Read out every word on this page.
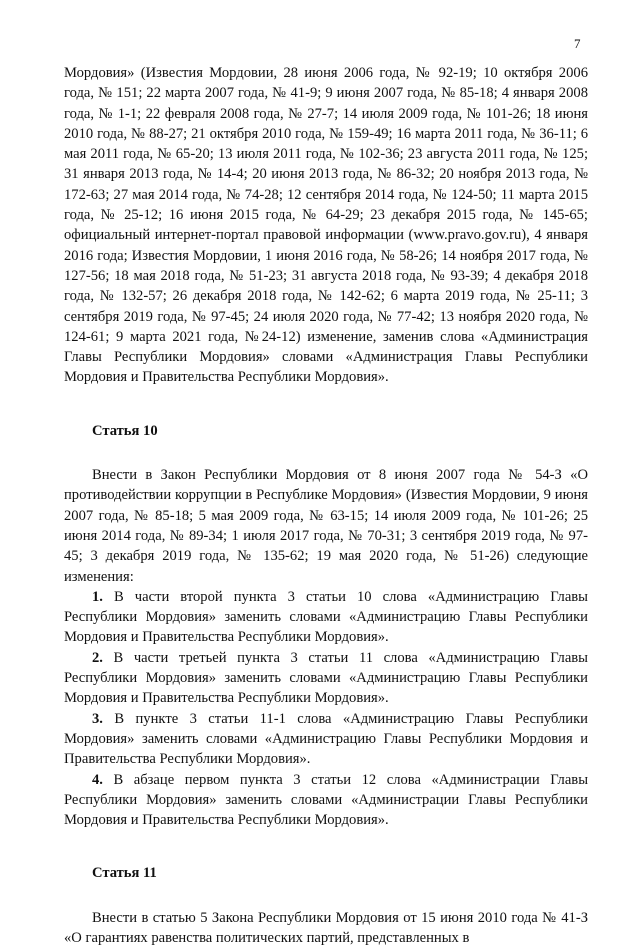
7

Мордовия» (Известия Мордовии, 28 июня 2006 года, № 92-19; 10 октября 2006 года, № 151; 22 марта 2007 года, № 41-9; 9 июня 2007 года, № 85-18; 4 января 2008 года, № 1-1; 22 февраля 2008 года, № 27-7; 14 июля 2009 года, № 101-26; 18 июня 2010 года, № 88-27; 21 октября 2010 года, № 159-49; 16 марта 2011 года, № 36-11; 6 мая 2011 года, № 65-20; 13 июля 2011 года, № 102-36; 23 августа 2011 года, № 125; 31 января 2013 года, № 14-4; 20 июня 2013 года, № 86-32; 20 ноября 2013 года, № 172-63; 27 мая 2014 года, № 74-28; 12 сентября 2014 года, № 124-50; 11 марта 2015 года, № 25-12; 16 июня 2015 года, № 64-29; 23 декабря 2015 года, № 145-65; официальный интернет-портал правовой информации (www.pravo.gov.ru), 4 января 2016 года; Известия Мордовии, 1 июня 2016 года, № 58-26; 14 ноября 2017 года, № 127-56; 18 мая 2018 года, № 51-23; 31 августа 2018 года, № 93-39; 4 декабря 2018 года, № 132-57; 26 декабря 2018 года, № 142-62; 6 марта 2019 года, № 25-11; 3 сентября 2019 года, № 97-45; 24 июля 2020 года, № 77-42; 13 ноября 2020 года, № 124-61; 9 марта 2021 года, №24-12) изменение, заменив слова «Администрация Главы Республики Мордовия» словами «Администрация Главы Республики Мордовия и Правительства Республики Мордовия».

Статья 10

Внести в Закон Республики Мордовия от 8 июня 2007 года № 54-З «О противодействии коррупции в Республике Мордовия» (Известия Мордовии, 9 июня 2007 года, № 85-18; 5 мая 2009 года, № 63-15; 14 июля 2009 года, № 101-26; 25 июня 2014 года, № 89-34; 1 июля 2017 года, № 70-31; 3 сентября 2019 года, № 97-45; 3 декабря 2019 года, № 135-62; 19 мая 2020 года, № 51-26) следующие изменения:

1. В части второй пункта 3 статьи 10 слова «Администрацию Главы Республики Мордовия» заменить словами «Администрацию Главы Республики Мордовия и Правительства Республики Мордовия».

2. В части третьей пункта 3 статьи 11 слова «Администрацию Главы Республики Мордовия» заменить словами «Администрацию Главы Республики Мордовия и Правительства Республики Мордовия».

3. В пункте 3 статьи 11-1 слова «Администрацию Главы Республики Мордовия» заменить словами «Администрацию Главы Республики Мордовия и Правительства Республики Мордовия».

4. В абзаце первом пункта 3 статьи 12 слова «Администрации Главы Республики Мордовия» заменить словами «Администрации Главы Республики Мордовия и Правительства Республики Мордовия».

Статья 11

Внести в статью 5 Закона Республики Мордовия от 15 июня 2010 года № 41-З «О гарантиях равенства политических партий, представленных в
